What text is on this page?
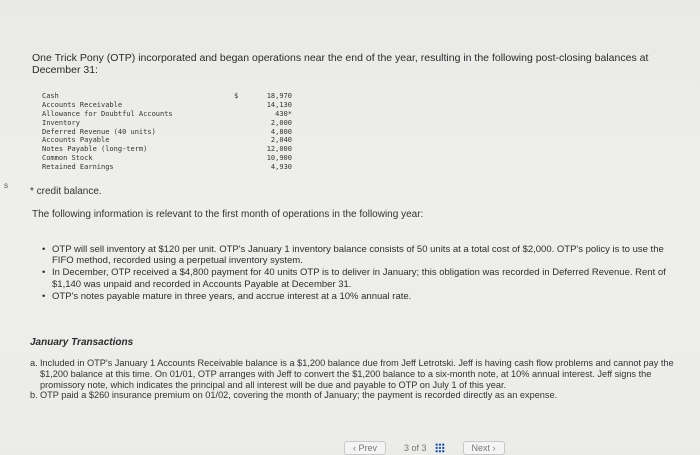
One Trick Pony (OTP) incorporated and began operations near the end of the year, resulting in the following post-closing balances at December 31:
Cash	$	18,970
Accounts Receivable	14,130
Allowance for Doubtful Accounts	430*
Inventory	2,000
Deferred Revenue (40 units)	4,800
Accounts Payable	2,040
Notes Payable (long-term)	12,000
Common Stock	10,900
Retained Earnings	4,930
s
* credit balance.
The following information is relevant to the first month of operations in the following year:
• OTP will sell inventory at $120 per unit. OTP's January 1 inventory balance consists of 50 units at a total cost of $2,000. OTP's policy is to use the FIFO method, recorded using a perpetual inventory system.
• In December, OTP received a $4,800 payment for 40 units OTP is to deliver in January; this obligation was recorded in Deferred Revenue. Rent of $1,140 was unpaid and recorded in Accounts Payable at December 31.
• OTP's notes payable mature in three years, and accrue interest at a 10% annual rate.
January Transactions
a. Included in OTP's January 1 Accounts Receivable balance is a $1,200 balance due from Jeff Letrotski. Jeff is having cash flow problems and cannot pay the $1,200 balance at this time. On 01/01, OTP arranges with Jeff to convert the $1,200 balance to a six-month note, at 10% annual interest. Jeff signs the promissory note, which indicates the principal and all interest will be due and payable to OTP on July 1 of this year.
b. OTP paid a $260 insurance premium on 01/02, covering the month of January; the payment is recorded directly as an expense.
‹ Prev	3 of 3	Next ›
